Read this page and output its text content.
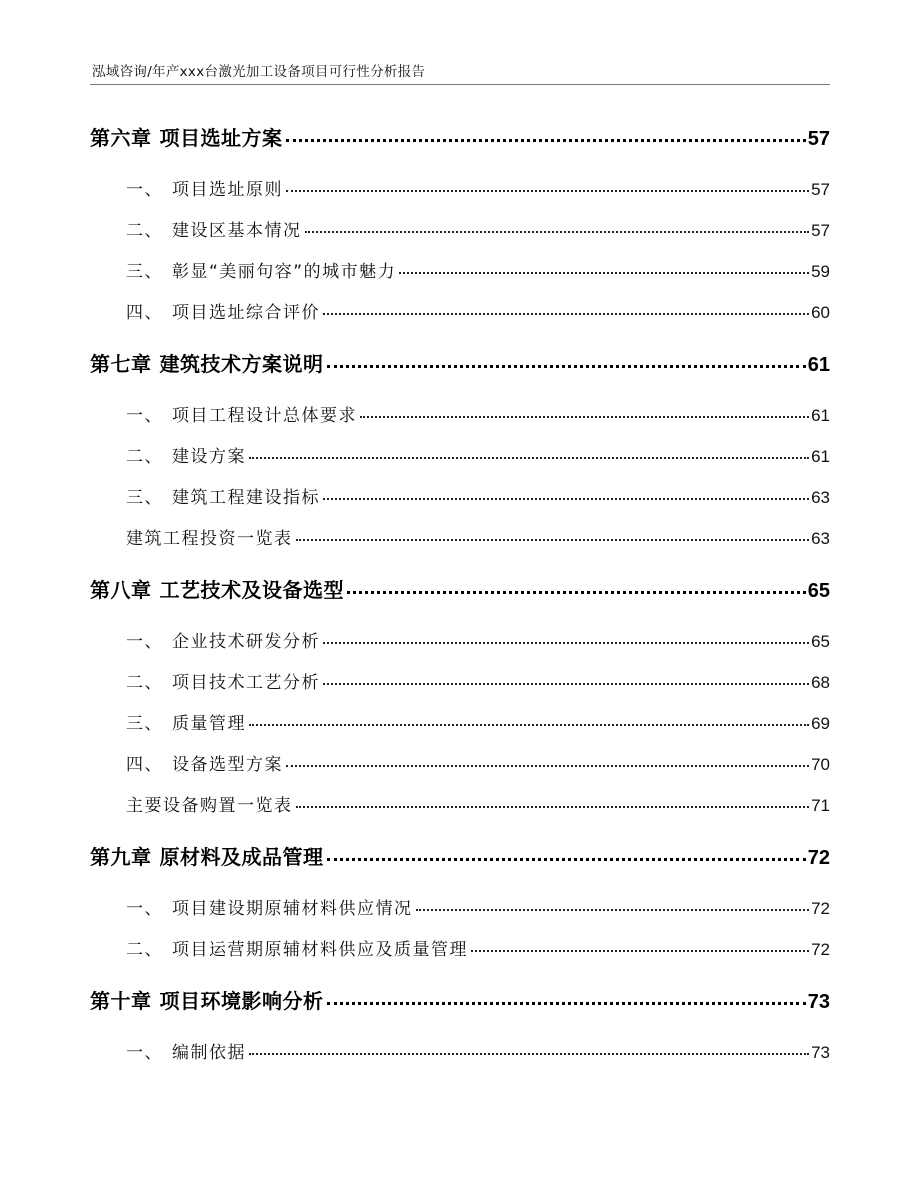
泓域咨询/年产xxx台激光加工设备项目可行性分析报告
第六章 项目选址方案	57
一、 项目选址原则	57
二、 建设区基本情况	57
三、 彰显“美丽句容”的城市魅力	59
四、 项目选址综合评价	60
第七章 建筑技术方案说明	61
一、 项目工程设计总体要求	61
二、 建设方案	61
三、 建筑工程建设指标	63
建筑工程投资一览表	63
第八章 工艺技术及设备选型	65
一、 企业技术研发分析	65
二、 项目技术工艺分析	68
三、 质量管理	69
四、 设备选型方案	70
主要设备购置一览表	71
第九章 原材料及成品管理	72
一、 项目建设期原辅材料供应情况	72
二、 项目运营期原辅材料供应及质量管理	72
第十章 项目环境影响分析	73
一、 编制依据	73
